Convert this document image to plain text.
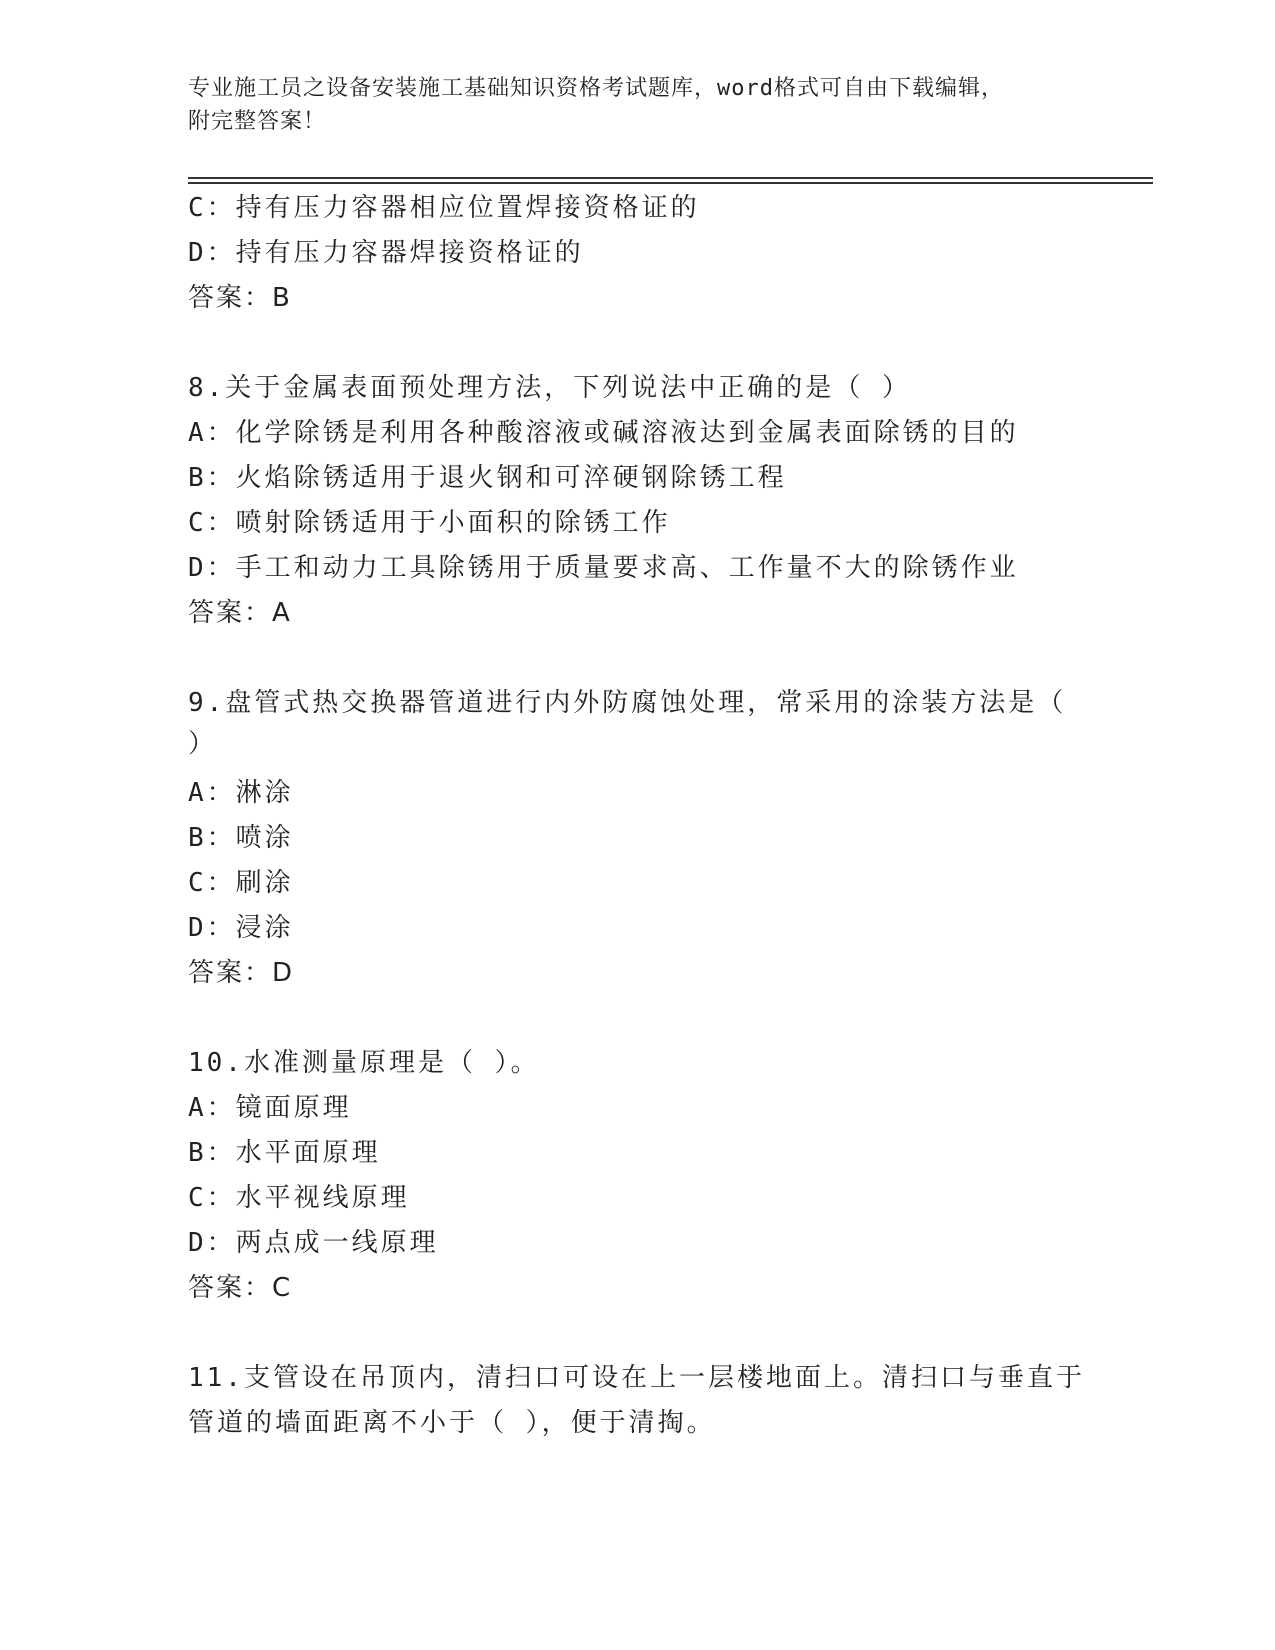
专业施工员之设备安装施工基础知识资格考试题库，word格式可自由下载编辑，
附完整答案！
C：持有压力容器相应位置焊接资格证的
D：持有压力容器焊接资格证的
答案：B
8.关于金属表面预处理方法，下列说法中正确的是（ ）
A：化学除锈是利用各种酸溶液或碱溶液达到金属表面除锈的目的
B：火焰除锈适用于退火钢和可淬硬钢除锈工程
C：喷射除锈适用于小面积的除锈工作
D：手工和动力工具除锈用于质量要求高、工作量不大的除锈作业
答案：A
9.盘管式热交换器管道进行内外防腐蚀处理，常采用的涂装方法是（
）
A：淋涂
B：喷涂
C：刷涂
D：浸涂
答案：D
10.水准测量原理是（ ）。
A：镜面原理
B：水平面原理
C：水平视线原理
D：两点成一线原理
答案：C
11.支管设在吊顶内，清扫口可设在上一层楼地面上。清扫口与垂直于
管道的墙面距离不小于（ ），便于清掏。
